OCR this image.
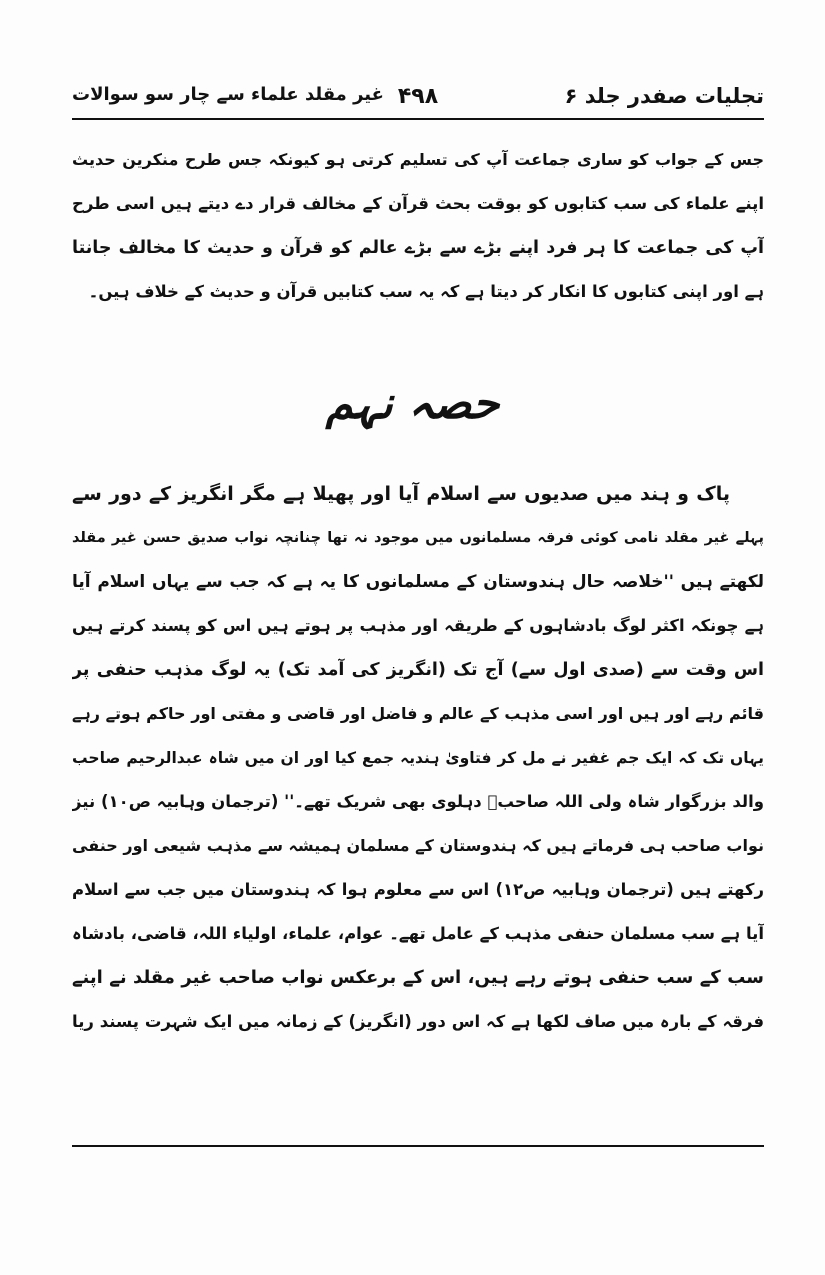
تجلیات صفدر جلد ۶
۴۹۸
غیر مقلد علماء سے چار سو سوالات
جس کے جواب کو ساری جماعت آپ کی تسلیم کرتی ہو کیونکہ جس طرح منکرین حدیث
اپنے علماء کی سب کتابوں کو بوقت بحث قرآن کے مخالف قرار دے دیتے ہیں اسی طرح
آپ کی جماعت کا ہر فرد اپنے بڑے سے بڑے عالم کو قرآن و حدیث کا مخالف جانتا
ہے اور اپنی کتابوں کا انکار کر دیتا ہے کہ یہ سب کتابیں قرآن و حدیث کے خلاف ہیں۔
حصہ نہم
پاک و ہند میں صدیوں سے اسلام آیا اور پھیلا ہے مگر انگریز کے دور سے
پہلے غیر مقلد نامی کوئی فرقہ مسلمانوں میں موجود نہ تھا چنانچہ نواب صدیق حسن غیر مقلد
لکھتے ہیں ''خلاصہ حال ہندوستان کے مسلمانوں کا یہ ہے کہ جب سے یہاں اسلام آیا
ہے چونکہ اکثر لوگ بادشاہوں کے طریقہ اور مذہب پر ہوتے ہیں اس کو پسند کرتے ہیں
اس وقت سے (صدی اول سے) آج تک (انگریز کی آمد تک) یہ لوگ مذہب حنفی پر
قائم رہے اور ہیں اور اسی مذہب کے عالم و فاضل اور قاضی و مفتی اور حاکم ہوتے رہے
یہاں تک کہ ایک جم غفیر نے مل کر فتاویٰ ہندیہ جمع کیا اور ان میں شاہ عبدالرحیم صاحب
والد بزرگوار شاہ ولی اللہ صاحبؒ دہلوی بھی شریک تھے۔'' (ترجمان وہابیہ ص۱۰) نیز
نواب صاحب ہی فرماتے ہیں کہ ہندوستان کے مسلمان ہمیشہ سے مذہب شیعی اور حنفی
رکھتے ہیں (ترجمان وہابیہ ص۱۲) اس سے معلوم ہوا کہ ہندوستان میں جب سے اسلام
آیا ہے سب مسلمان حنفی مذہب کے عامل تھے۔ عوام، علماء، اولیاء اللہ، قاضی، بادشاہ
سب کے سب حنفی ہوتے رہے ہیں، اس کے برعکس نواب صاحب غیر مقلد نے اپنے
فرقہ کے بارہ میں صاف لکھا ہے کہ اس دور (انگریز) کے زمانہ میں ایک شہرت پسند ریا
